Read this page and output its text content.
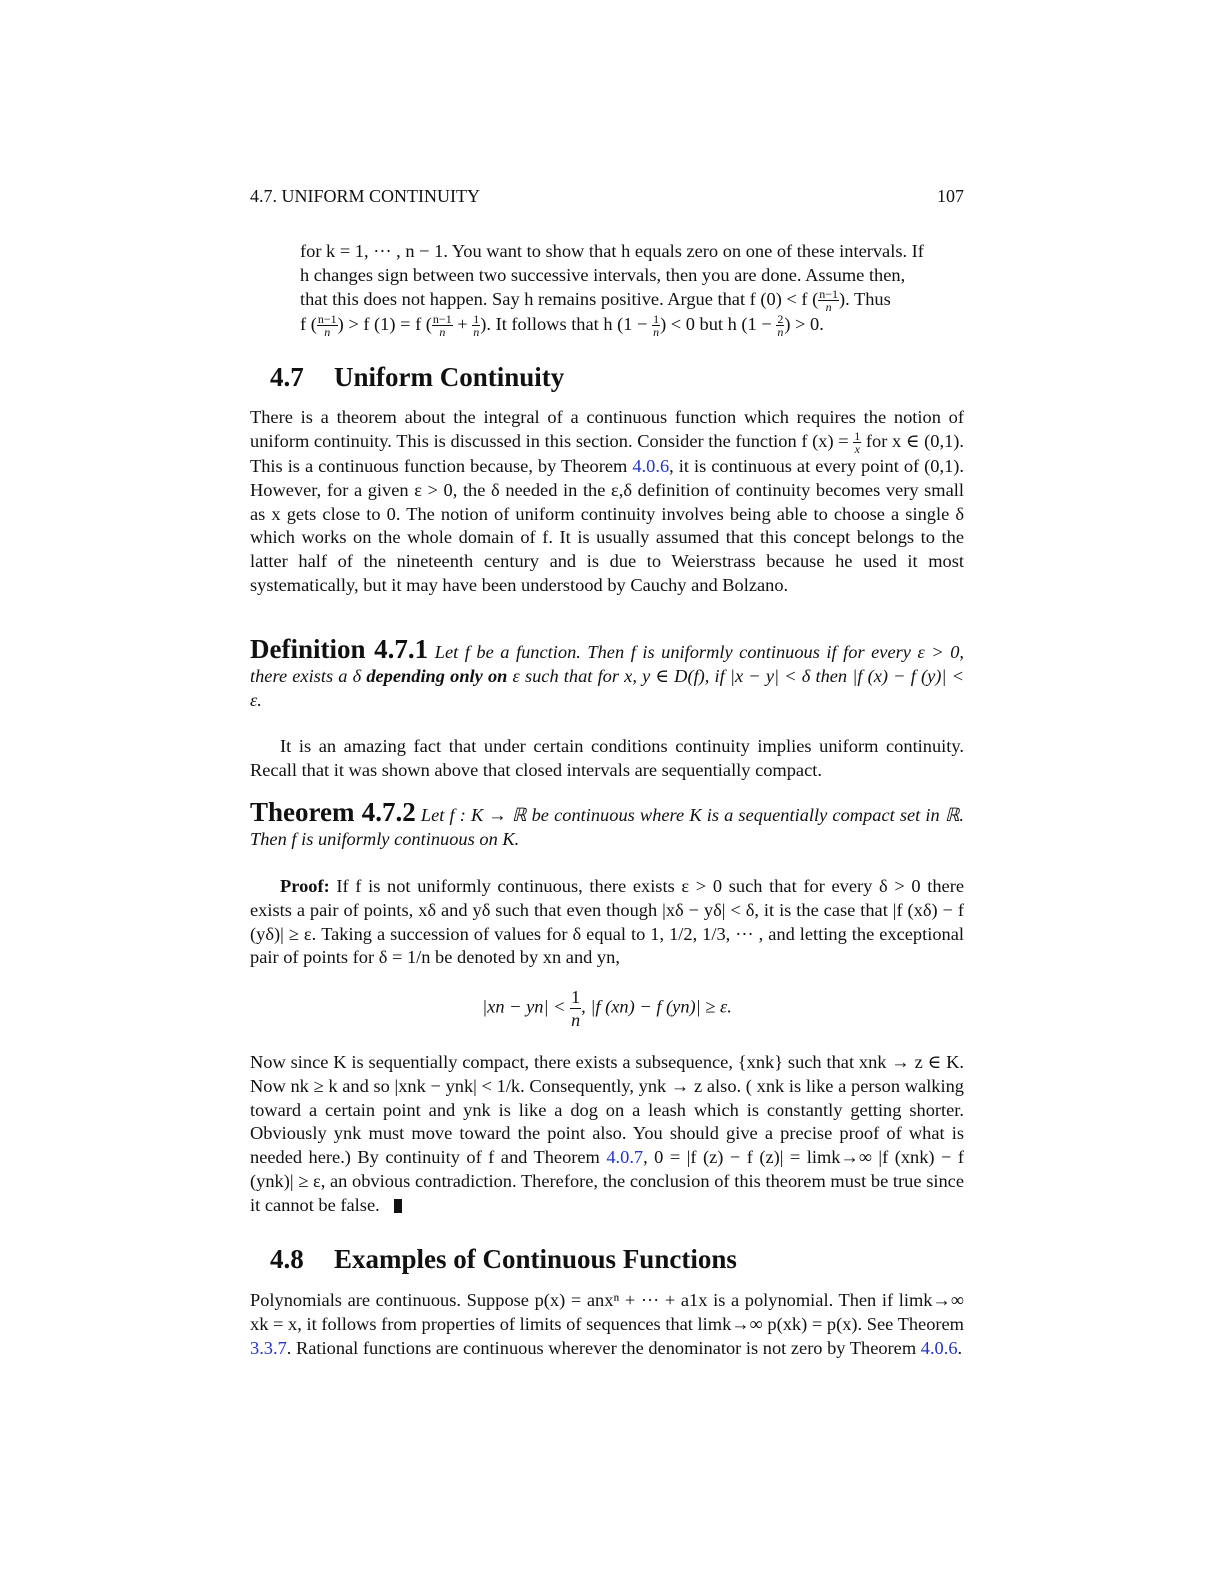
4.7. UNIFORM CONTINUITY	107

for k = 1, ··· , n − 1. You want to show that h equals zero on one of these intervals. If

h changes sign between two successive intervals, then you are done. Assume then,

that this does not happen. Say h remains positive. Argue that f (0) < f ( $\frac{n-1}{n}$ ). Thus

f ( $\frac{n-1}{n}$ ) > f (1) = f ( $\frac{n-1}{n} + \frac{1}{n}$ ). It follows that h ($1 - \frac{1}{n}$ ) < 0 but h ($1 - \frac{2}{n}$ ) > 0.

4.7 Uniform Continuity

There is a theorem about the integral of a continuous function which requires the notion of uniform continuity. This is discussed in this section. Consider the function f $(x) = \frac{1}{x}$ for x ∈ (0,1). This is a continuous function because, by Theorem 4.0.6, it is continuous at every point of (0,1). However, for a given ε > 0, the δ needed in the ε,δ definition of continuity becomes very small as x gets close to 0. The notion of uniform continuity involves being able to choose a single δ which works on the whole domain of f. It is usually assumed that this concept belongs to the latter half of the nineteenth century and is due to Weierstrass because he used it most systematically, but it may have been understood by Cauchy and Bolzano.

Definition 4.7.1 Let f be a function. Then f is uniformly continuous if for every ε > 0, there exists a δ depending only on ε such that for x, y ∈ D(f), if |x − y| < δ then |f (x) − f (y)| < ε.

It is an amazing fact that under certain conditions continuity implies uniform continuity. Recall that it was shown above that closed intervals are sequentially compact.

Theorem 4.7.2 Let f : K → ℝ be continuous where K is a sequentially compact set in ℝ. Then f is uniformly continuous on K.

Proof: If f is not uniformly continuous, there exists ε > 0 such that for every δ > 0 there exists a pair of points, xδ and yδ such that even though |xδ − yδ| < δ, it is the case that |f (xδ) − f (yδ)| ≥ ε. Taking a succession of values for δ equal to 1, 1/2, 1/3, ··· , and letting the exceptional pair of points for δ = 1/n be denoted by xn and yn,

$|xn - yn| < \frac{1}{n}$ , |f (xn) − f (yn)| ≥ ε.

Now since K is sequentially compact, there exists a subsequence, {xnk} such that xnk → z ∈ K. Now nk ≥ k and so |xnk − ynk| < 1/k. Consequently, ynk → z also. ( xnk is like a person walking toward a certain point and ynk is like a dog on a leash which is constantly getting shorter. Obviously ynk must move toward the point also. You should give a precise proof of what is needed here.) By continuity of f and Theorem 4.0.7, 0 = |f (z) − f (z)| = limk→∞ |f (xnk) − f (ynk)| ≥ ε, an obvious contradiction. Therefore, the conclusion of this theorem must be true since it cannot be false.

4.8 Examples of Continuous Functions

Polynomials are continuous. Suppose p(x) = anxⁿ + ··· + a1x is a polynomial. Then if limk→∞ xk = x, it follows from properties of limits of sequences that limk→∞ p(xk) = p(x). See Theorem 3.3.7. Rational functions are continuous wherever the denominator is not zero by Theorem 4.0.6.
